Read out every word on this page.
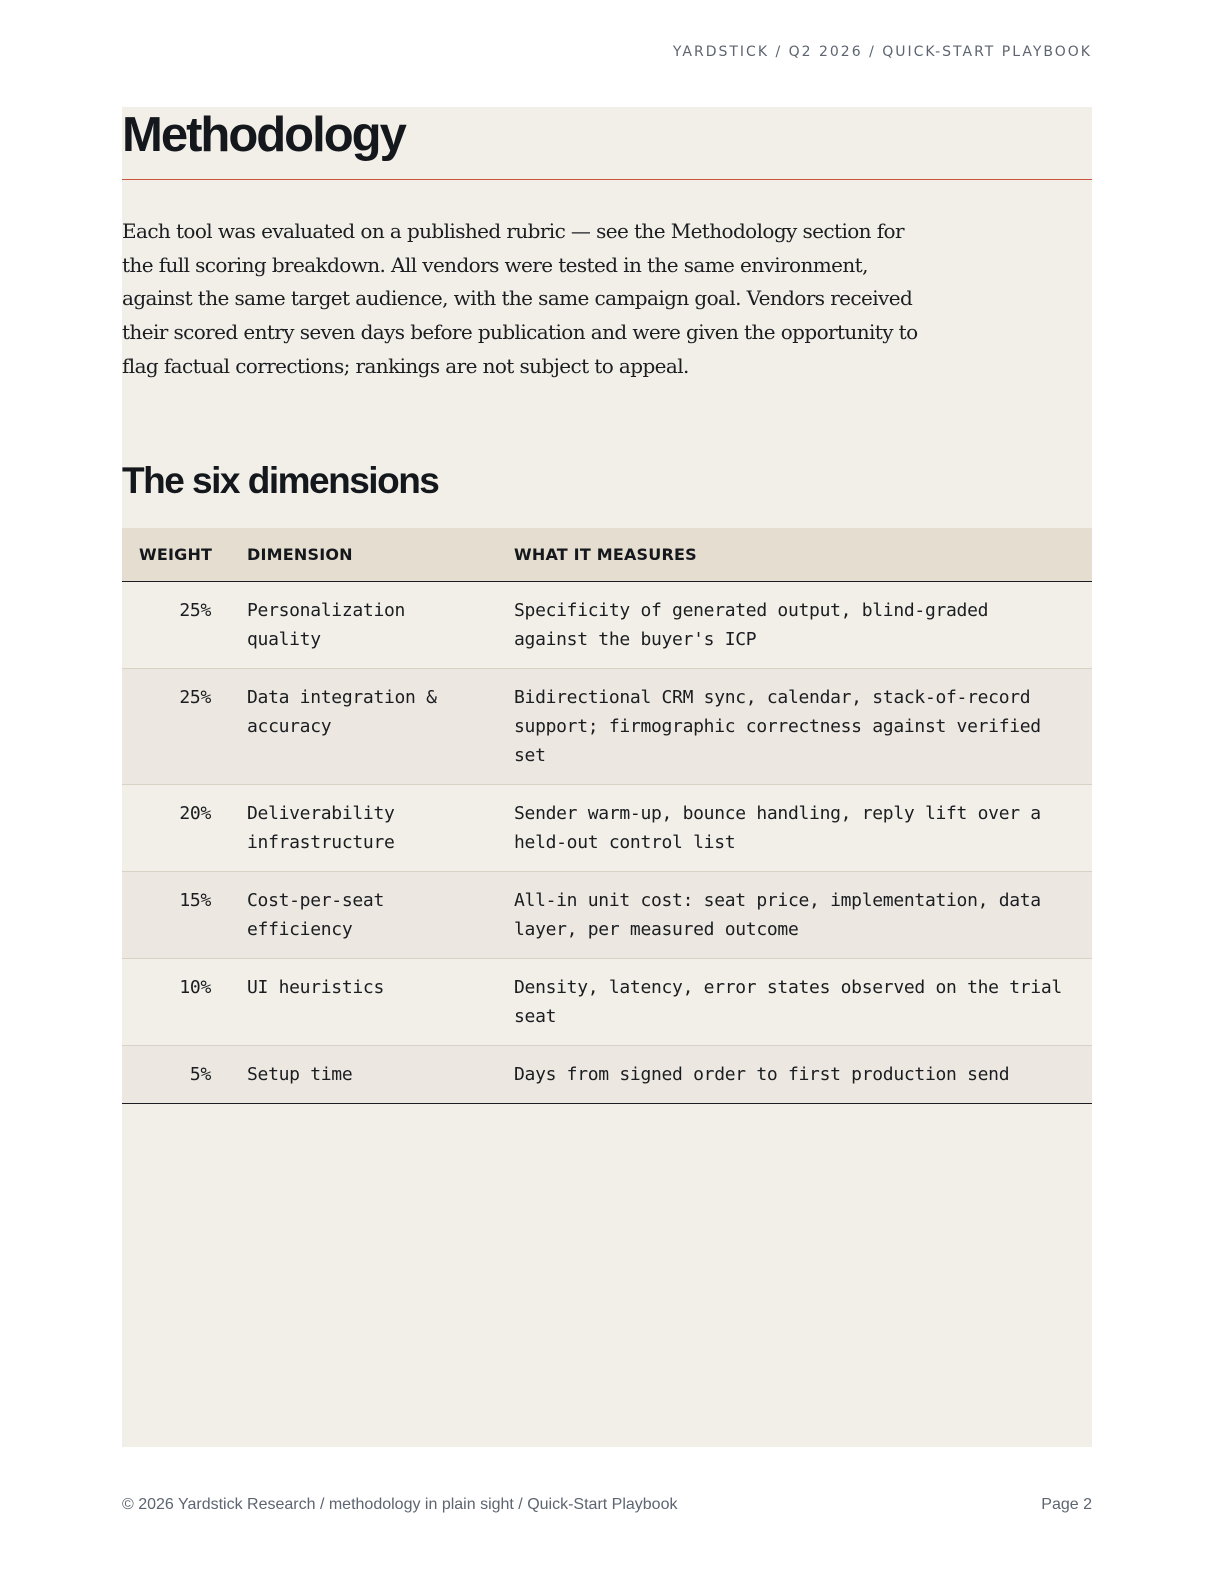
YARDSTICK / Q2 2026 / QUICK-START PLAYBOOK
Methodology

Each tool was evaluated on a published rubric — see the Methodology section for the full scoring breakdown. All vendors were tested in the same environment, against the same target audience, with the same campaign goal. Vendors received their scored entry seven days before publication and were given the opportunity to flag factual corrections; rankings are not subject to appeal.

The six dimensions
WEIGHT	DIMENSION	WHAT IT MEASURES
25%	Personalization quality	Specificity of generated output, blind-graded against the buyer's ICP
25%	Data integration & accuracy	Bidirectional CRM sync, calendar, stack-of-record support; firmographic correctness against verified set
20%	Deliverability infrastructure	Sender warm-up, bounce handling, reply lift over a held-out control list
15%	Cost-per-seat efficiency	All-in unit cost: seat price, implementation, data layer, per measured outcome
10%	UI heuristics	Density, latency, error states observed on the trial seat
5%	Setup time	Days from signed order to first production send
© 2026 Yardstick Research / methodology in plain sight / Quick-Start Playbook	Page 2
